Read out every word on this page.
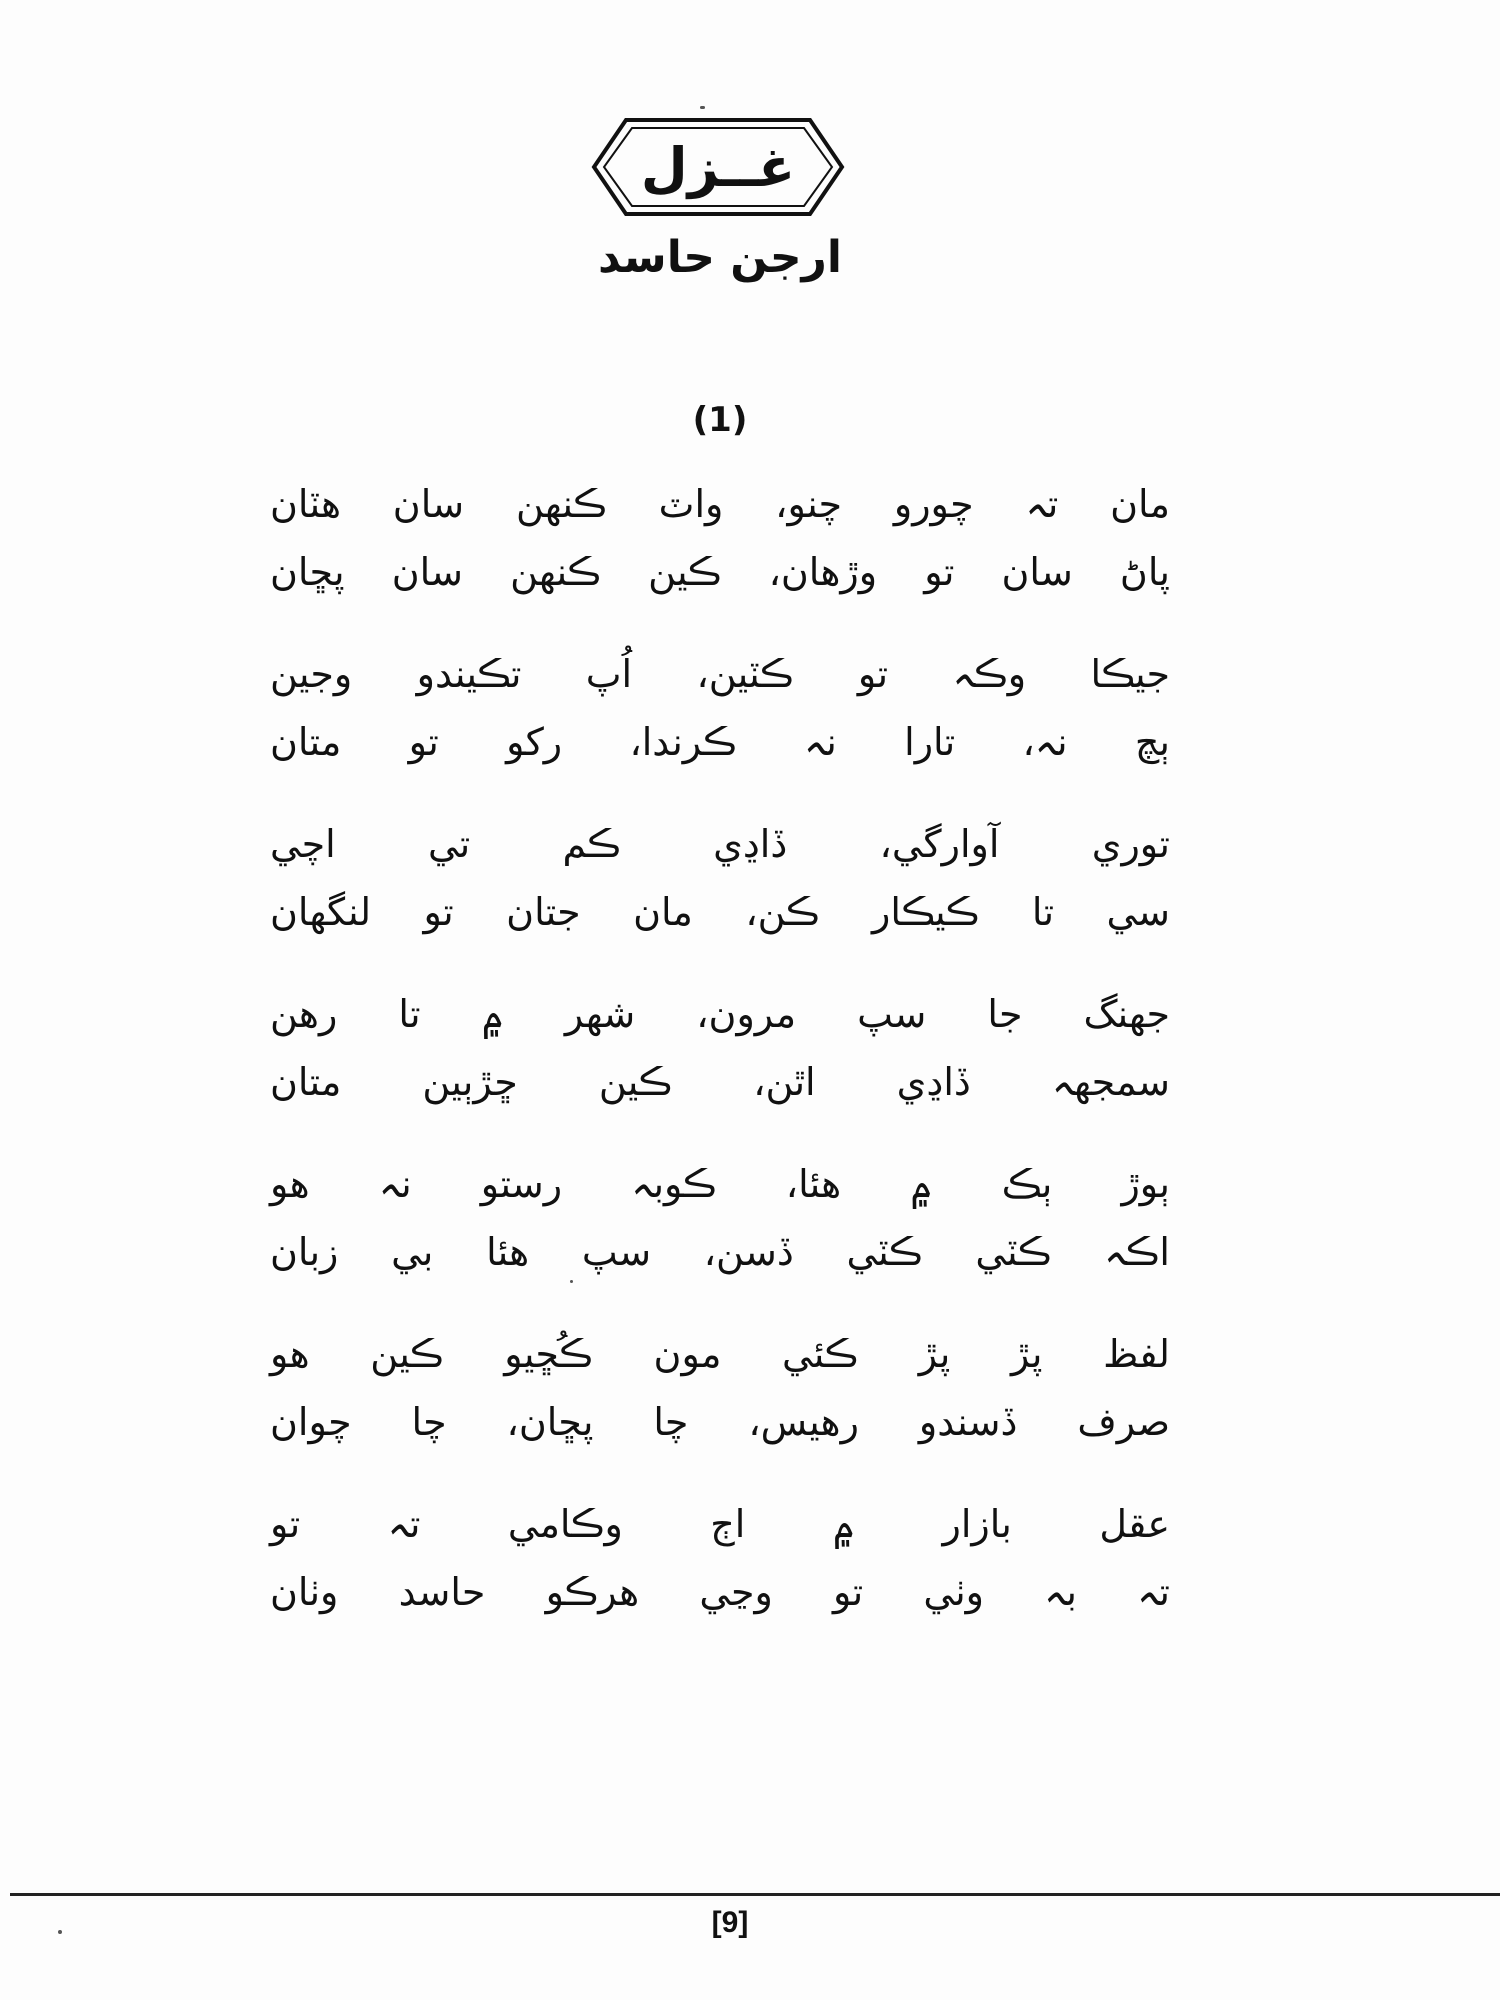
غــزل
ارجن حاسد
(1)
مان تہ چورو چنو، واٽ ڪنهن سان هٽان
پاڻ سان تو وڙهان، ڪين ڪنهن سان پڇان
جيڪا وڪہ تو ڪٽين، اُپ تڪيندو وجين
ٻچ نہ، تارا نہ ڪرندا، رکو تو متان
توري آوارگي، ڏاڍي ڪم تي اچي
سي تا ڪيڪار ڪن، مان جتان تو لنگهان
جهنگ جا سپ مرون، شهر ۾ تا رهن
سمجهہ ڏاڍي اٿن، ڪين ڇڙٻين متان
ٻوڙ ٻڪ ۾ هئا، ڪوبہ رستو نہ هو
اڪہ ڪٽي ڪٽي ڏسن، سپ هئا بي زبان
لفظ پڙ پڙ ڪئي مون ڪُڇيو ڪين هو
صرف ڏسندو رهيس، چا پڇان، چا چوان
عقل بازار ۾ اڄ وڪامي تہ تو
تہ بہ وٺي تو وڃي هرڪو حاسد وٺان
[9]
